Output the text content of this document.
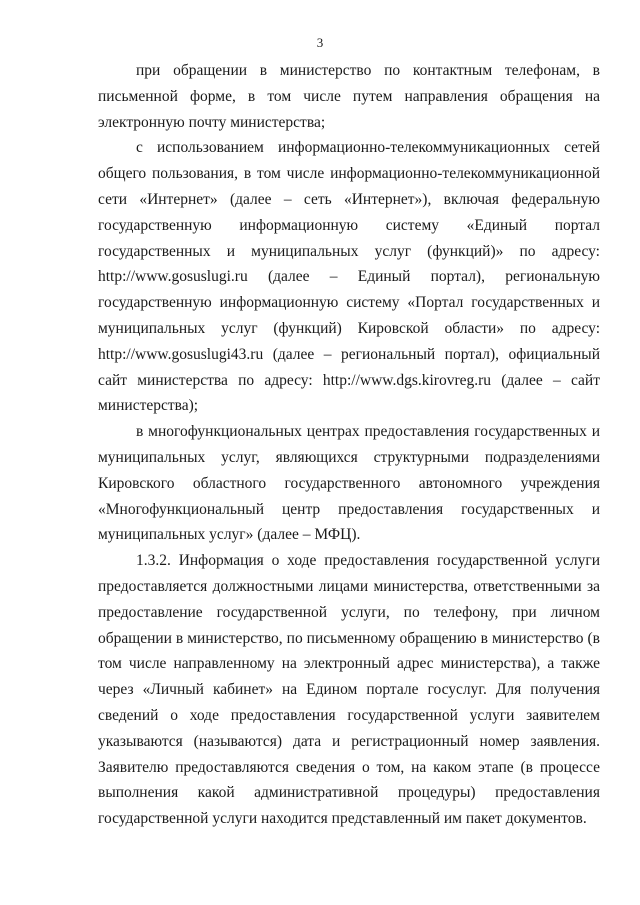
3

при обращении в министерство по контактным телефонам, в письменной форме, в том числе путем направления обращения на электронную почту министерства;

с использованием информационно-телекоммуникационных сетей общего пользования, в том числе информационно-телекоммуникационной сети «Интернет» (далее – сеть «Интернет»), включая федеральную государственную информационную систему «Единый портал государственных и муниципальных услуг (функций)» по адресу: http://www.gosuslugi.ru (далее – Единый портал), региональную государственную информационную систему «Портал государственных и муниципальных услуг (функций) Кировской области» по адресу: http://www.gosuslugi43.ru (далее – региональный портал), официальный сайт министерства по адресу: http://www.dgs.kirovreg.ru (далее – сайт министерства);

в многофункциональных центрах предоставления государственных и муниципальных услуг, являющихся структурными подразделениями Кировского областного государственного автономного учреждения «Многофункциональный центр предоставления государственных и муниципальных услуг» (далее – МФЦ).

1.3.2. Информация о ходе предоставления государственной услуги предоставляется должностными лицами министерства, ответственными за предоставление государственной услуги, по телефону, при личном обращении в министерство, по письменному обращению в министерство (в том числе направленному на электронный адрес министерства), а также через «Личный кабинет» на Едином портале госуслуг. Для получения сведений о ходе предоставления государственной услуги заявителем указываются (называются) дата и регистрационный номер заявления. Заявителю предоставляются сведения о том, на каком этапе (в процессе выполнения какой административной процедуры) предоставления государственной услуги находится представленный им пакет документов.
